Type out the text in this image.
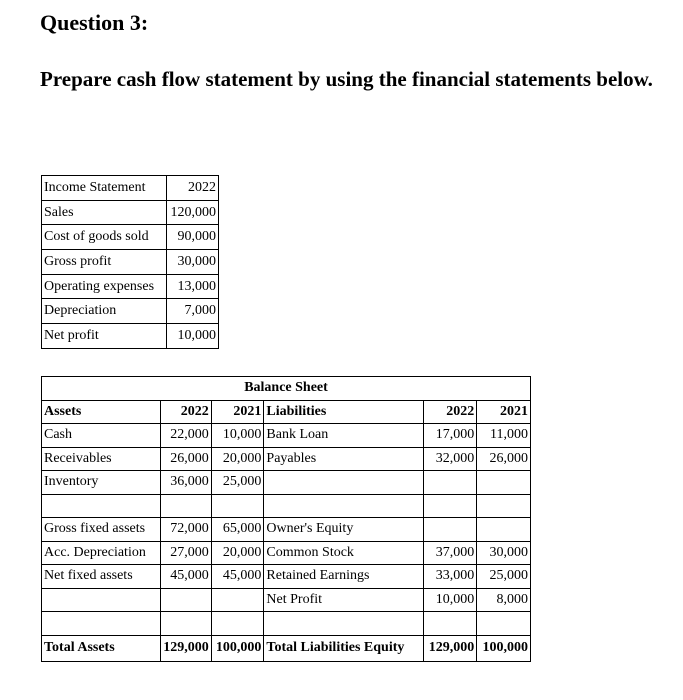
Question 3:

Prepare cash flow statement by using the financial statements below.

Income Statement	2022
Sales	120,000
Cost of goods sold	90,000
Gross profit	30,000
Operating expenses	13,000
Depreciation	7,000
Net profit	10,000
Balance Sheet					
Assets	2022	2021	Liabilities	2022	2021
Cash	22,000	10,000	Bank Loan	17,000	11,000
Receivables	26,000	20,000	Payables	32,000	26,000
Inventory	36,000	25,000			

Gross fixed assets	72,000	65,000	Owner's Equity		
Acc. Depreciation	27,000	20,000	Common Stock	37,000	30,000
Net fixed assets	45,000	45,000	Retained Earnings	33,000	25,000
			Net Profit	10,000	8,000

Total Assets	129,000	100,000	Total Liabilities Equity	129,000	100,000
